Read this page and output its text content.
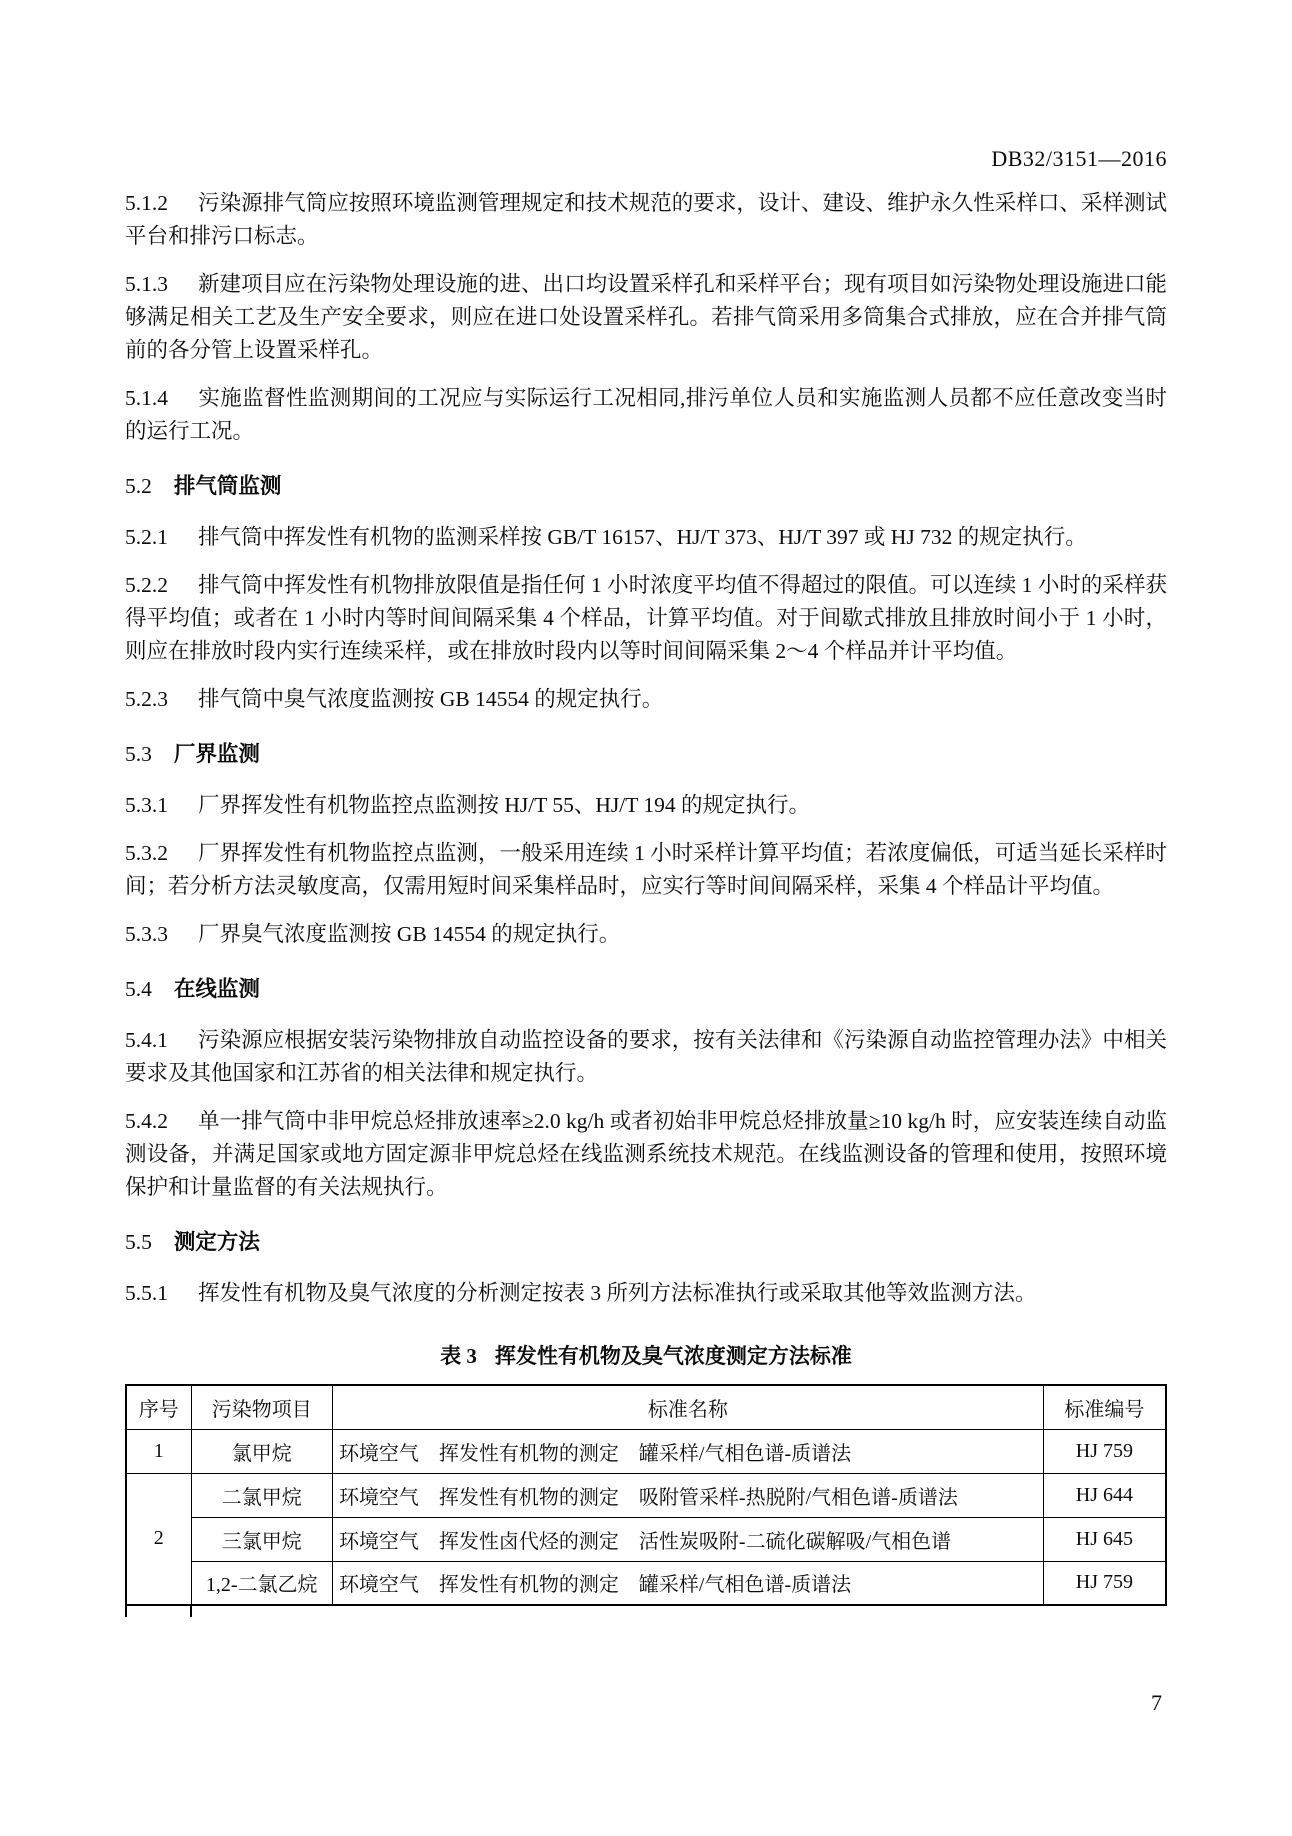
DB32/3151—2016

5.1.2 污染源排气筒应按照环境监测管理规定和技术规范的要求，设计、建设、维护永久性采样口、采样测试平台和排污口标志。

5.1.3 新建项目应在污染物处理设施的进、出口均设置采样孔和采样平台；现有项目如污染物处理设施进口能够满足相关工艺及生产安全要求，则应在进口处设置采样孔。若排气筒采用多筒集合式排放，应在合并排气筒前的各分管上设置采样孔。

5.1.4 实施监督性监测期间的工况应与实际运行工况相同,排污单位人员和实施监测人员都不应任意改变当时的运行工况。

5.2 排气筒监测

5.2.1 排气筒中挥发性有机物的监测采样按 GB/T 16157、HJ/T 373、HJ/T 397 或 HJ 732 的规定执行。

5.2.2 排气筒中挥发性有机物排放限值是指任何 1 小时浓度平均值不得超过的限值。可以连续 1 小时的采样获得平均值；或者在 1 小时内等时间间隔采集 4 个样品，计算平均值。对于间歇式排放且排放时间小于 1 小时，则应在排放时段内实行连续采样，或在排放时段内以等时间间隔采集 2～4 个样品并计平均值。

5.2.3 排气筒中臭气浓度监测按 GB 14554 的规定执行。

5.3 厂界监测

5.3.1 厂界挥发性有机物监控点监测按 HJ/T 55、HJ/T 194 的规定执行。

5.3.2 厂界挥发性有机物监控点监测，一般采用连续 1 小时采样计算平均值；若浓度偏低，可适当延长采样时间；若分析方法灵敏度高，仅需用短时间采集样品时，应实行等时间间隔采样，采集 4 个样品计平均值。

5.3.3 厂界臭气浓度监测按 GB 14554 的规定执行。

5.4 在线监测

5.4.1 污染源应根据安装污染物排放自动监控设备的要求，按有关法律和《污染源自动监控管理办法》中相关要求及其他国家和江苏省的相关法律和规定执行。

5.4.2 单一排气筒中非甲烷总烃排放速率≥2.0 kg/h 或者初始非甲烷总烃排放量≥10 kg/h 时，应安装连续自动监测设备，并满足国家或地方固定源非甲烷总烃在线监测系统技术规范。在线监测设备的管理和使用，按照环境保护和计量监督的有关法规执行。

5.5 测定方法

5.5.1 挥发性有机物及臭气浓度的分析测定按表 3 所列方法标准执行或采取其他等效监测方法。

表 3 挥发性有机物及臭气浓度测定方法标准

序号	污染物项目	标准名称	标准编号
1	氯甲烷	环境空气　挥发性有机物的测定　罐采样/气相色谱-质谱法	HJ 759
2	二氯甲烷	环境空气　挥发性有机物的测定　吸附管采样-热脱附/气相色谱-质谱法	HJ 644
	三氯甲烷	环境空气　挥发性卤代烃的测定　活性炭吸附-二硫化碳解吸/气相色谱	HJ 645
	1,2-二氯乙烷	环境空气　挥发性有机物的测定　罐采样/气相色谱-质谱法	HJ 759
7
